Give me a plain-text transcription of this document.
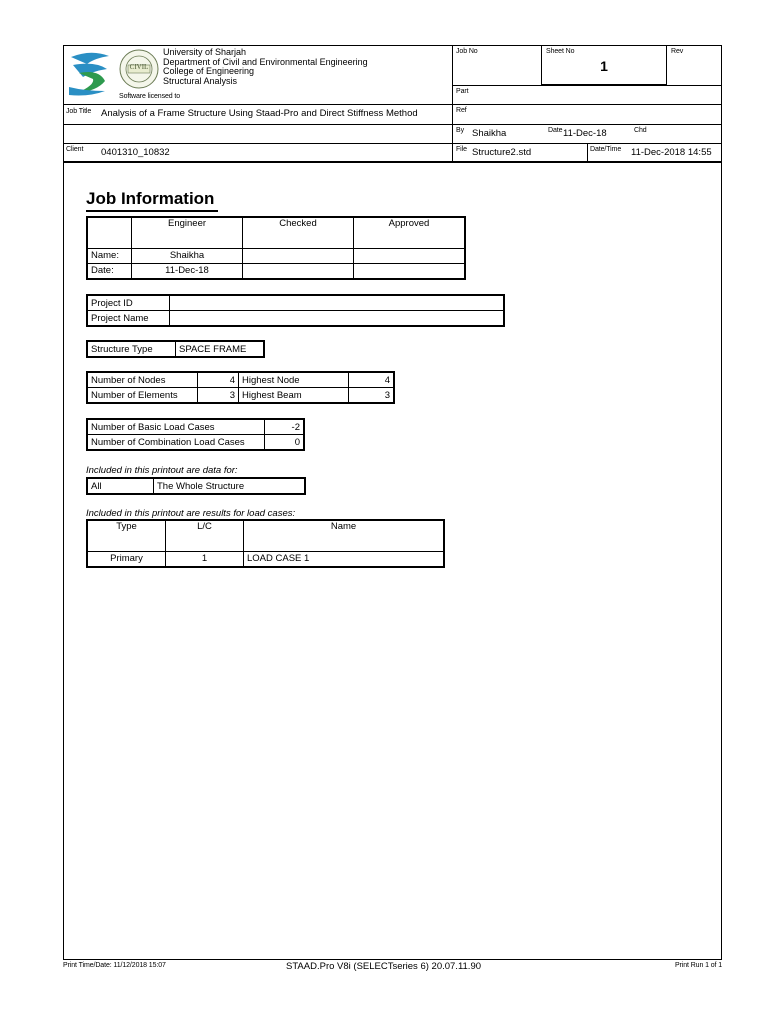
CIVIL
University of Sharjah
Department of Civil and Environmental Engineering
College of Engineering
Structural Analysis
Software licensed to
Job No	Sheet No
1
Rev
Part
Job Title Analysis of a Frame Structure Using Staad-Pro and Direct Stiffness Method	Ref
By Shaikha	Date 11-Dec-18	Chd
Client 0401310_10832	File Structure2.std	Date/Time 11-Dec-2018 14:55
Job Information
	Engineer	Checked	Approved
Name:	Shaikha		
Date:	11-Dec-18		
Project ID	
Project Name	
Structure Type	SPACE FRAME
Number of Nodes	4	Highest Node	4
Number of Elements	3	Highest Beam	3
Number of Basic Load Cases	-2
Number of Combination Load Cases	0
Included in this printout are data for:
All	The Whole Structure
Included in this printout are results for load cases:
Type	L/C	Name
Primary	1	LOAD CASE 1
Print Time/Date: 11/12/2018 15:07	STAAD.Pro V8i (SELECTseries 6) 20.07.11.90	Print Run 1 of 1
